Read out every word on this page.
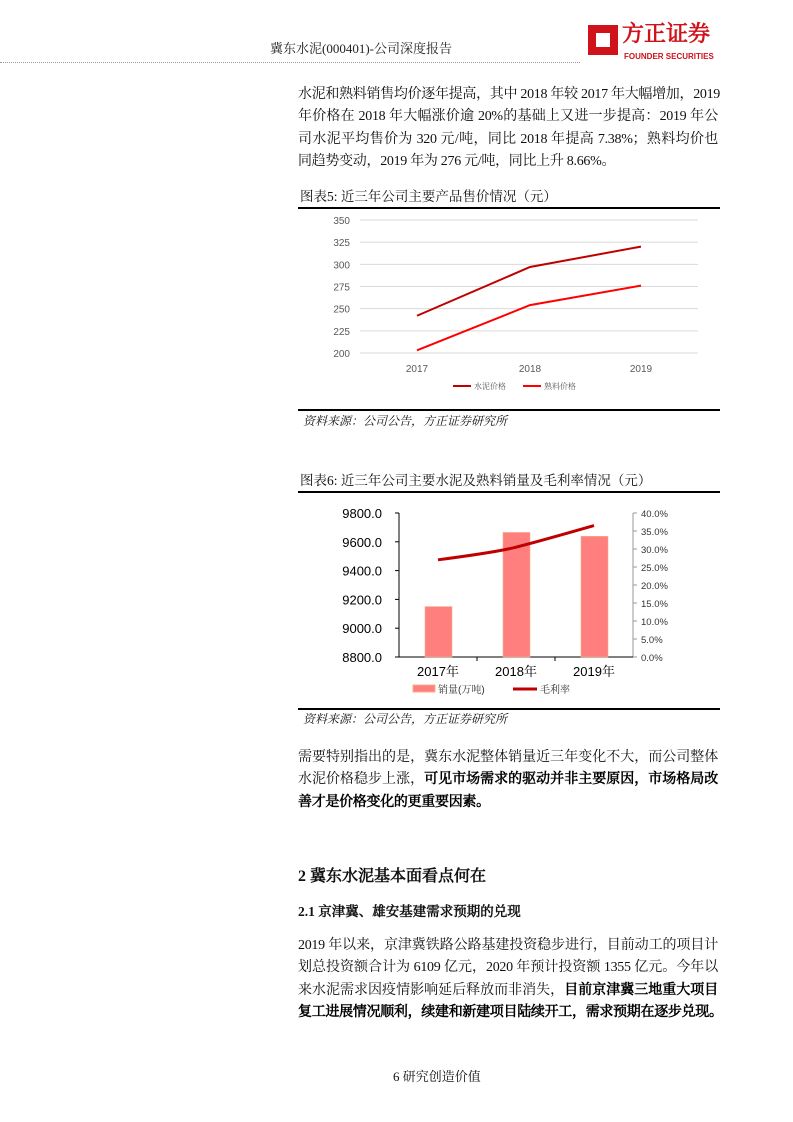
冀东水泥(000401)-公司深度报告
方正证券
FOUNDER SECURITIES
水泥和熟料销售均价逐年提高，其中 2018 年较 2017 年大幅增加，2019
年价格在 2018 年大幅涨价逾 20%的基础上又进一步提高：2019 年公
司水泥平均售价为 320 元/吨，同比 2018 年提高 7.38%；熟料均价也
同趋势变动，2019 年为 276 元/吨，同比上升 8.66%。
图表5: 近三年公司主要产品售价情况（元）
200
225
250
275
300
325
350
2017	2018	2019
水泥价格	熟料价格
资料来源：公司公告，方正证券研究所
图表6: 近三年公司主要水泥及熟料销量及毛利率情况（元）
8800.0
9000.0
9200.0
9400.0
9600.0
9800.0
0.0%
5.0%
10.0%
15.0%
20.0%
25.0%
30.0%
35.0%
40.0%
2017年	2018年	2019年
销量(万吨)	毛利率
资料来源：公司公告，方正证券研究所
需要特别指出的是，冀东水泥整体销量近三年变化不大，而公司整体
水泥价格稳步上涨，可见市场需求的驱动并非主要原因，市场格局改
善才是价格变化的更重要因素。
2 冀东水泥基本面看点何在
2.1 京津冀、雄安基建需求预期的兑现
2019 年以来，京津冀铁路公路基建投资稳步进行，目前动工的项目计
划总投资额合计为 6109 亿元，2020 年预计投资额 1355 亿元。今年以
来水泥需求因疫情影响延后释放而非消失，目前京津冀三地重大项目
复工进展情况顺利，续建和新建项目陆续开工，需求预期在逐步兑现。
6 研究创造价值
